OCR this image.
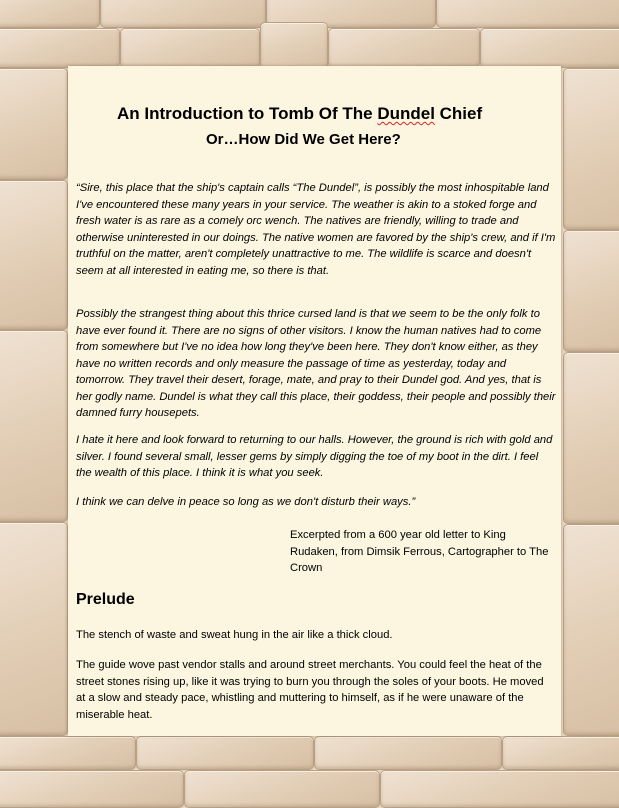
An Introduction to Tomb Of The Dundel Chief
Or…How Did We Get Here?

“Sire, this place that the ship's captain calls “The Dundel”, is possibly the most inhospitable land I've encountered these many years in your service. The weather is akin to a stoked forge and fresh water is as rare as a comely orc wench. The natives are friendly, willing to trade and otherwise uninterested in our doings. The native women are favored by the ship's crew, and if I'm truthful on the matter, aren't completely unattractive to me. The wildlife is scarce and doesn't seem at all interested in eating me, so there is that.

Possibly the strangest thing about this thrice cursed land is that we seem to be the only folk to have ever found it. There are no signs of other visitors. I know the human natives had to come from somewhere but I've no idea how long they've been here. They don't know either, as they have no written records and only measure the passage of time as yesterday, today and tomorrow. They travel their desert, forage, mate, and pray to their Dundel god. And yes, that is her godly name. Dundel is what they call this place, their goddess, their people and possibly their damned furry housepets.

I hate it here and look forward to returning to our halls. However, the ground is rich with gold and silver. I found several small, lesser gems by simply digging the toe of my boot in the dirt. I feel the wealth of this place. I think it is what you seek.

I think we can delve in peace so long as we don't disturb their ways.”

Excerpted from a 600 year old letter to King Rudaken, from Dimsik Ferrous, Cartographer to The Crown

Prelude

The stench of waste and sweat hung in the air like a thick cloud.

The guide wove past vendor stalls and around street merchants. You could feel the heat of the street stones rising up, like it was trying to burn you through the soles of your boots. He moved at a slow and steady pace, whistling and muttering to himself, as if he were unaware of the miserable heat.
